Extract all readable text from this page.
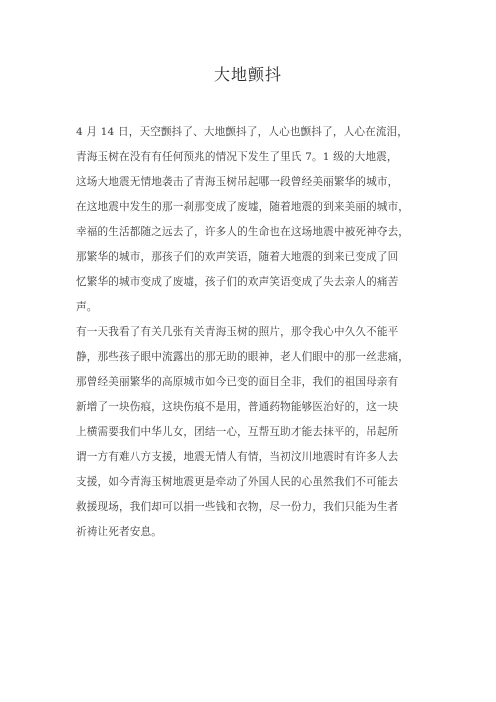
大地颤抖
4 月 14 日，天空颤抖了、大地颤抖了，人心也颤抖了，人心在流泪，
青海玉树在没有有任何预兆的情况下发生了里氏 7。1 级的大地震，
这场大地震无情地袭击了青海玉树吊起哪一段曾经美丽繁华的城市，
在这地震中发生的那一刹那变成了废墟，随着地震的到来美丽的城市，
幸福的生活都随之远去了，许多人的生命也在这场地震中被死神夺去，
那繁华的城市，那孩子们的欢声笑语，随着大地震的到来已变成了回
忆繁华的城市变成了废墟，孩子们的欢声笑语变成了失去亲人的痛苦
声。
有一天我看了有关几张有关青海玉树的照片，那令我心中久久不能平
静，那些孩子眼中流露出的那无助的眼神，老人们眼中的那一丝悲痛，
那曾经美丽繁华的高原城市如今已变的面目全非，我们的祖国母亲有
新增了一块伤痕，这块伤痕不是用，普通药物能够医治好的，这一块
上横需要我们中华儿女，团结一心，互帮互助才能去抹平的，吊起所
谓一方有难八方支援，地震无情人有情，当初汶川地震时有许多人去
支援，如今青海玉树地震更是牵动了外国人民的心虽然我们不可能去
救援现场，我们却可以捐一些钱和衣物，尽一份力，我们只能为生者
祈祷让死者安息。
